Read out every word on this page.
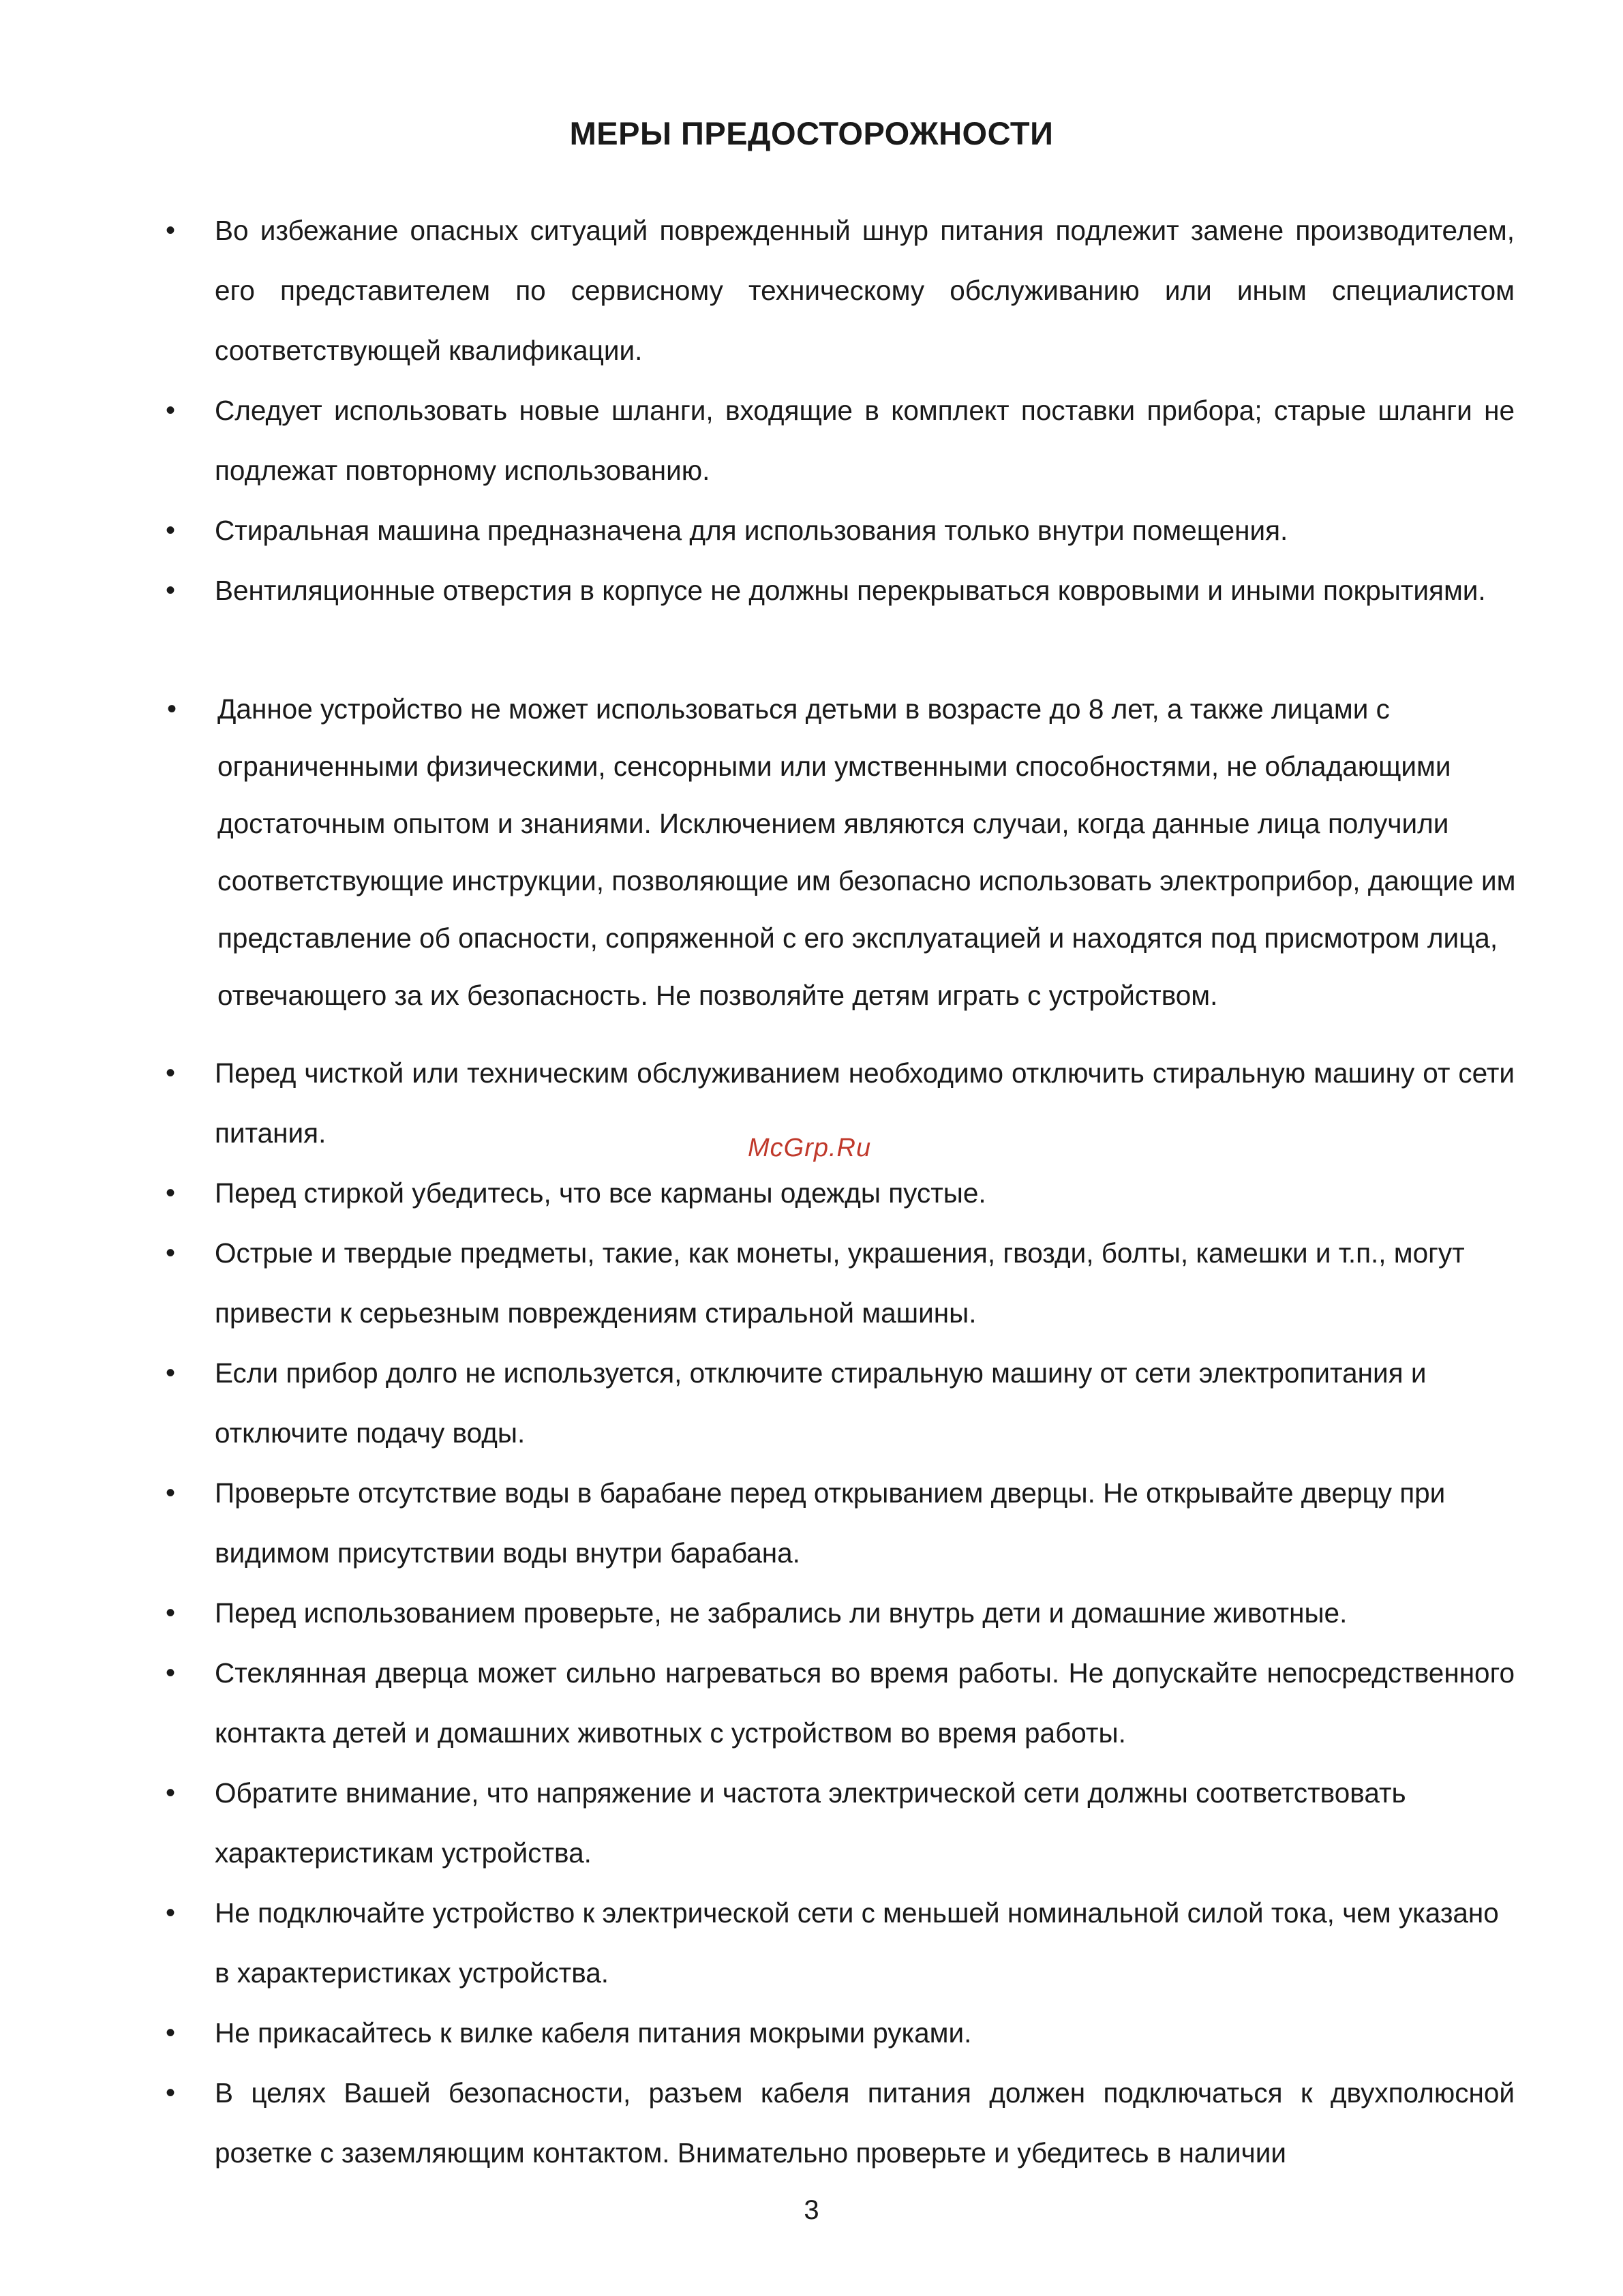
МЕРЫ ПРЕДОСТОРОЖНОСТИ
• Во избежание опасных ситуаций поврежденный шнур питания подлежит замене производителем, его представителем по сервисному техническому обслуживанию или иным специалистом соответствующей квалификации.
• Следует использовать новые шланги, входящие в комплект поставки прибора; старые шланги не подлежат повторному использованию.
• Стиральная машина предназначена для использования только внутри помещения.
• Вентиляционные отверстия в корпусе не должны перекрываться ковровыми и иными покрытиями.
• Данное устройство не может использоваться детьми в возрасте до 8 лет, а также лицами с ограниченными физическими, сенсорными или умственными способностями, не обладающими достаточным опытом и знаниями. Исключением являются случаи, когда данные лица получили соответствующие инструкции, позволяющие им безопасно использовать электроприбор, дающие им представление об опасности, сопряженной с его эксплуатацией и находятся под присмотром лица, отвечающего за их безопасность. Не позволяйте детям играть с устройством.
• Перед чисткой или техническим обслуживанием необходимо отключить стиральную машину от сети питания.
• Перед стиркой убедитесь, что все карманы одежды пустые.
• Острые и твердые предметы, такие, как монеты, украшения, гвозди, болты, камешки и т.п., могут привести к серьезным повреждениям стиральной машины.
• Если прибор долго не используется, отключите стиральную машину от сети электропитания и отключите подачу воды.
• Проверьте отсутствие воды в барабане перед открыванием дверцы. Не открывайте дверцу при видимом присутствии воды внутри барабана.
• Перед использованием проверьте, не забрались ли внутрь дети и домашние животные.
• Стеклянная дверца может сильно нагреваться во время работы. Не допускайте непосредственного контакта детей и домашних животных с устройством во время работы.
• Обратите внимание, что напряжение и частота электрической сети должны соответствовать характеристикам устройства.
• Не подключайте устройство к электрической сети с меньшей номинальной силой тока, чем указано в характеристиках устройства.
• Не прикасайтесь к вилке кабеля питания мокрыми руками.
• В целях Вашей безопасности, разъем кабеля питания должен подключаться к двухполюсной розетке с заземляющим контактом. Внимательно проверьте и убедитесь в наличии
McGrp.Ru
3
